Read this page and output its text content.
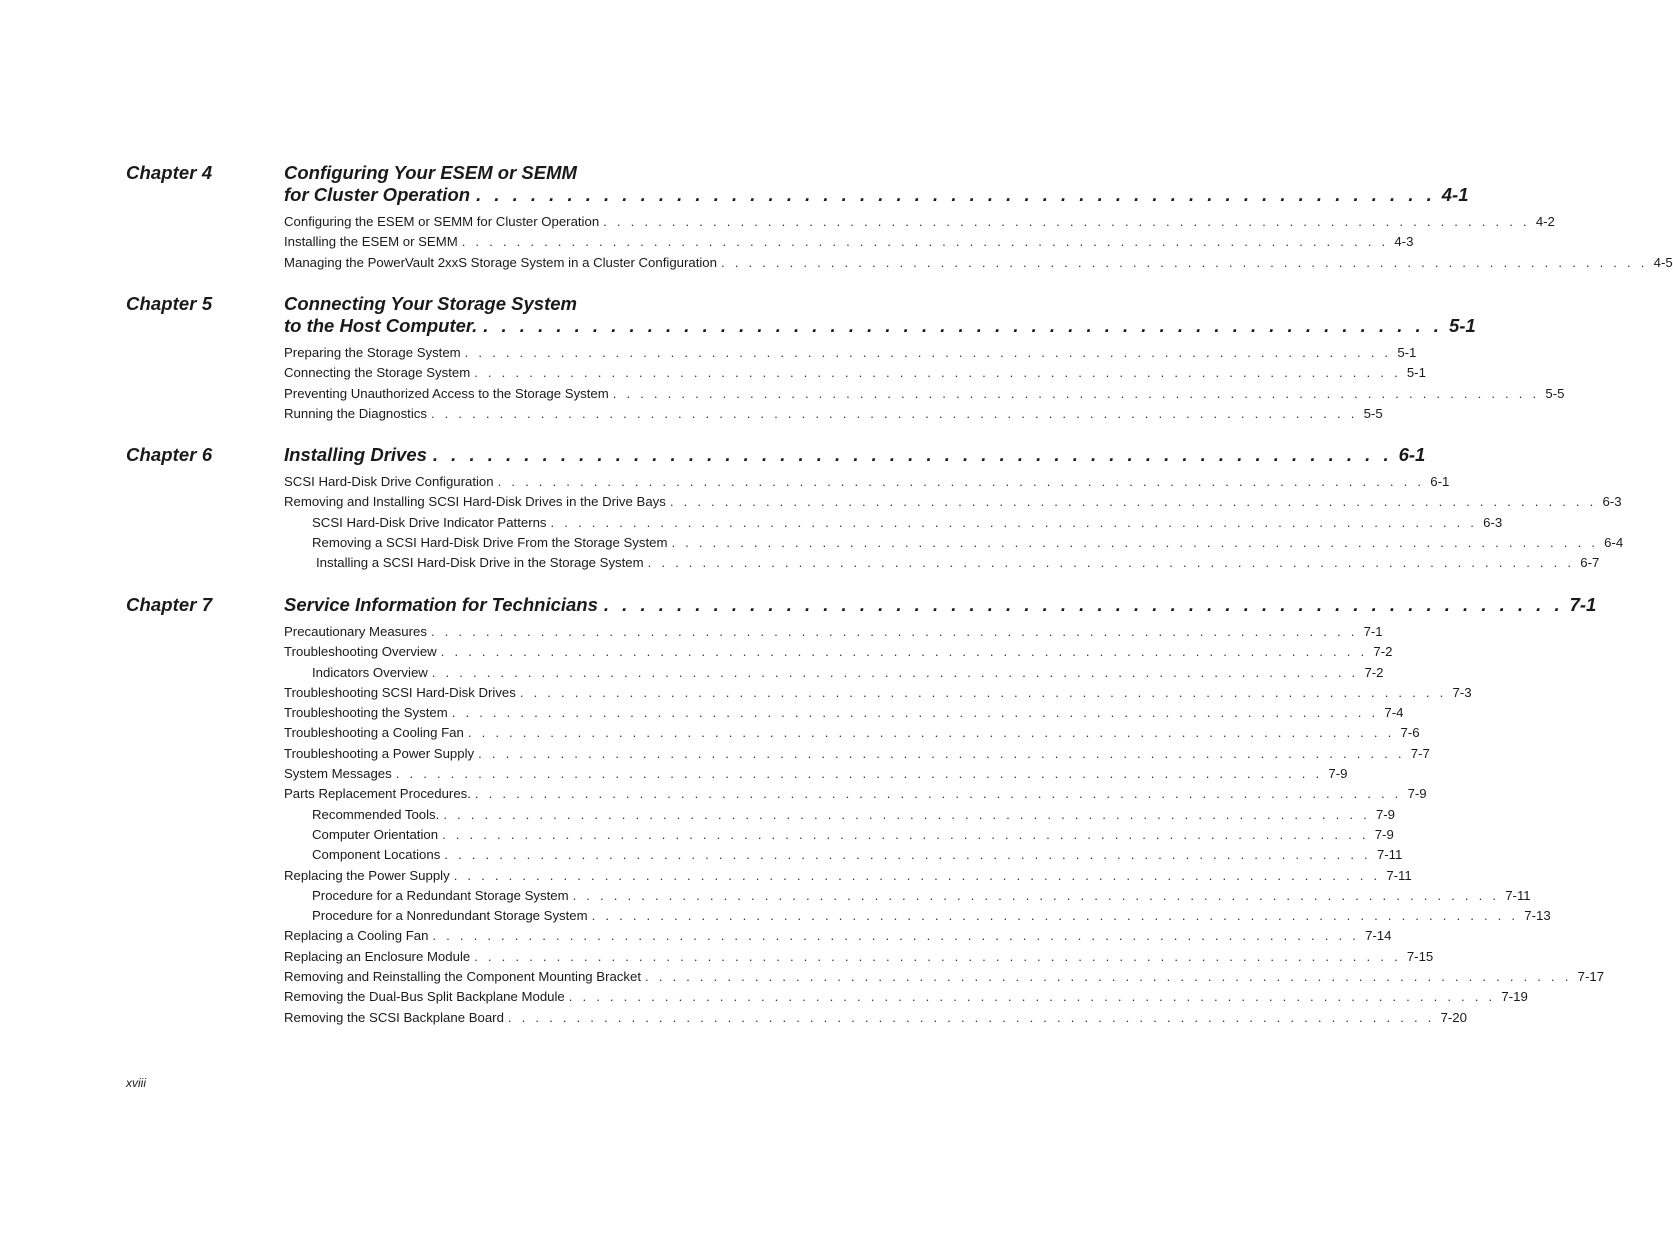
Chapter 4	Configuring Your ESEM or SEMM
for Cluster Operation . . . . . . . . . . . . . . . . . . . . . . . . . . . . . . . . . . . . . . . . . . . . . . . . . . . . . 4-1
Configuring the ESEM or SEMM for Cluster Operation . . . . . . . . . . . . . . . . . . . . . . . . . . . . . . . . . . . . . . . . . . . . . . . . . . . . . . . . . . . . . . . . . . . . 4-2
Installing the ESEM or SEMM . . . . . . . . . . . . . . . . . . . . . . . . . . . . . . . . . . . . . . . . . . . . . . . . . . . . . . . . . . . . . . . . . . . . 4-3
Managing the PowerVault 2xxS Storage System in a Cluster Configuration . . . . . . . . . . . . . . . . . . . . . . . . . . . . . . . . . . . . . . . . . . . . . . . . . . . . . . . . . . . . . . . . . . . . 4-5
Chapter 5	Connecting Your Storage System
to the Host Computer. . . . . . . . . . . . . . . . . . . . . . . . . . . . . . . . . . . . . . . . . . . . . . . . . . . . . . 5-1
Preparing the Storage System . . . . . . . . . . . . . . . . . . . . . . . . . . . . . . . . . . . . . . . . . . . . . . . . . . . . . . . . . . . . . . . . . . . . 5-1
Connecting the Storage System . . . . . . . . . . . . . . . . . . . . . . . . . . . . . . . . . . . . . . . . . . . . . . . . . . . . . . . . . . . . . . . . . . . . 5-1
Preventing Unauthorized Access to the Storage System . . . . . . . . . . . . . . . . . . . . . . . . . . . . . . . . . . . . . . . . . . . . . . . . . . . . . . . . . . . . . . . . . . . . 5-5
Running the Diagnostics . . . . . . . . . . . . . . . . . . . . . . . . . . . . . . . . . . . . . . . . . . . . . . . . . . . . . . . . . . . . . . . . . . . . 5-5
Chapter 6	Installing Drives . . . . . . . . . . . . . . . . . . . . . . . . . . . . . . . . . . . . . . . . . . . . . . . . . . . . . 6-1
SCSI Hard-Disk Drive Configuration . . . . . . . . . . . . . . . . . . . . . . . . . . . . . . . . . . . . . . . . . . . . . . . . . . . . . . . . . . . . . . . . . . . . 6-1
Removing and Installing SCSI Hard-Disk Drives in the Drive Bays . . . . . . . . . . . . . . . . . . . . . . . . . . . . . . . . . . . . . . . . . . . . . . . . . . . . . . . . . . . . . . . . . . . . 6-3
SCSI Hard-Disk Drive Indicator Patterns . . . . . . . . . . . . . . . . . . . . . . . . . . . . . . . . . . . . . . . . . . . . . . . . . . . . . . . . . . . . . . . . . . . . 6-3
Removing a SCSI Hard-Disk Drive From the Storage System . . . . . . . . . . . . . . . . . . . . . . . . . . . . . . . . . . . . . . . . . . . . . . . . . . . . . . . . . . . . . . . . . . . . 6-4
Installing a SCSI Hard-Disk Drive in the Storage System . . . . . . . . . . . . . . . . . . . . . . . . . . . . . . . . . . . . . . . . . . . . . . . . . . . . . . . . . . . . . . . . . . . . 6-7
Chapter 7	Service Information for Technicians . . . . . . . . . . . . . . . . . . . . . . . . . . . . . . . . . . . . . . . . . . . . . . . . . . . . . 7-1
Precautionary Measures . . . . . . . . . . . . . . . . . . . . . . . . . . . . . . . . . . . . . . . . . . . . . . . . . . . . . . . . . . . . . . . . . . . . 7-1
Troubleshooting Overview . . . . . . . . . . . . . . . . . . . . . . . . . . . . . . . . . . . . . . . . . . . . . . . . . . . . . . . . . . . . . . . . . . . . 7-2
Indicators Overview . . . . . . . . . . . . . . . . . . . . . . . . . . . . . . . . . . . . . . . . . . . . . . . . . . . . . . . . . . . . . . . . . . . . 7-2
Troubleshooting SCSI Hard-Disk Drives . . . . . . . . . . . . . . . . . . . . . . . . . . . . . . . . . . . . . . . . . . . . . . . . . . . . . . . . . . . . . . . . . . . . 7-3
Troubleshooting the System . . . . . . . . . . . . . . . . . . . . . . . . . . . . . . . . . . . . . . . . . . . . . . . . . . . . . . . . . . . . . . . . . . . . 7-4
Troubleshooting a Cooling Fan . . . . . . . . . . . . . . . . . . . . . . . . . . . . . . . . . . . . . . . . . . . . . . . . . . . . . . . . . . . . . . . . . . . . 7-6
Troubleshooting a Power Supply . . . . . . . . . . . . . . . . . . . . . . . . . . . . . . . . . . . . . . . . . . . . . . . . . . . . . . . . . . . . . . . . . . . . 7-7
System Messages . . . . . . . . . . . . . . . . . . . . . . . . . . . . . . . . . . . . . . . . . . . . . . . . . . . . . . . . . . . . . . . . . . . . 7-9
Parts Replacement Procedures. . . . . . . . . . . . . . . . . . . . . . . . . . . . . . . . . . . . . . . . . . . . . . . . . . . . . . . . . . . . . . . . . . . . . 7-9
Recommended Tools. . . . . . . . . . . . . . . . . . . . . . . . . . . . . . . . . . . . . . . . . . . . . . . . . . . . . . . . . . . . . . . . . . . . . 7-9
Computer Orientation . . . . . . . . . . . . . . . . . . . . . . . . . . . . . . . . . . . . . . . . . . . . . . . . . . . . . . . . . . . . . . . . . . . . 7-9
Component Locations . . . . . . . . . . . . . . . . . . . . . . . . . . . . . . . . . . . . . . . . . . . . . . . . . . . . . . . . . . . . . . . . . . . . 7-11
Replacing the Power Supply . . . . . . . . . . . . . . . . . . . . . . . . . . . . . . . . . . . . . . . . . . . . . . . . . . . . . . . . . . . . . . . . . . . . 7-11
Procedure for a Redundant Storage System . . . . . . . . . . . . . . . . . . . . . . . . . . . . . . . . . . . . . . . . . . . . . . . . . . . . . . . . . . . . . . . . . . . . 7-11
Procedure for a Nonredundant Storage System . . . . . . . . . . . . . . . . . . . . . . . . . . . . . . . . . . . . . . . . . . . . . . . . . . . . . . . . . . . . . . . . . . . . 7-13
Replacing a Cooling Fan . . . . . . . . . . . . . . . . . . . . . . . . . . . . . . . . . . . . . . . . . . . . . . . . . . . . . . . . . . . . . . . . . . . . 7-14
Replacing an Enclosure Module . . . . . . . . . . . . . . . . . . . . . . . . . . . . . . . . . . . . . . . . . . . . . . . . . . . . . . . . . . . . . . . . . . . . 7-15
Removing and Reinstalling the Component Mounting Bracket . . . . . . . . . . . . . . . . . . . . . . . . . . . . . . . . . . . . . . . . . . . . . . . . . . . . . . . . . . . . . . . . . . . . 7-17
Removing the Dual-Bus Split Backplane Module . . . . . . . . . . . . . . . . . . . . . . . . . . . . . . . . . . . . . . . . . . . . . . . . . . . . . . . . . . . . . . . . . . . . 7-19
Removing the SCSI Backplane Board . . . . . . . . . . . . . . . . . . . . . . . . . . . . . . . . . . . . . . . . . . . . . . . . . . . . . . . . . . . . . . . . . . . . 7-20
xviii
